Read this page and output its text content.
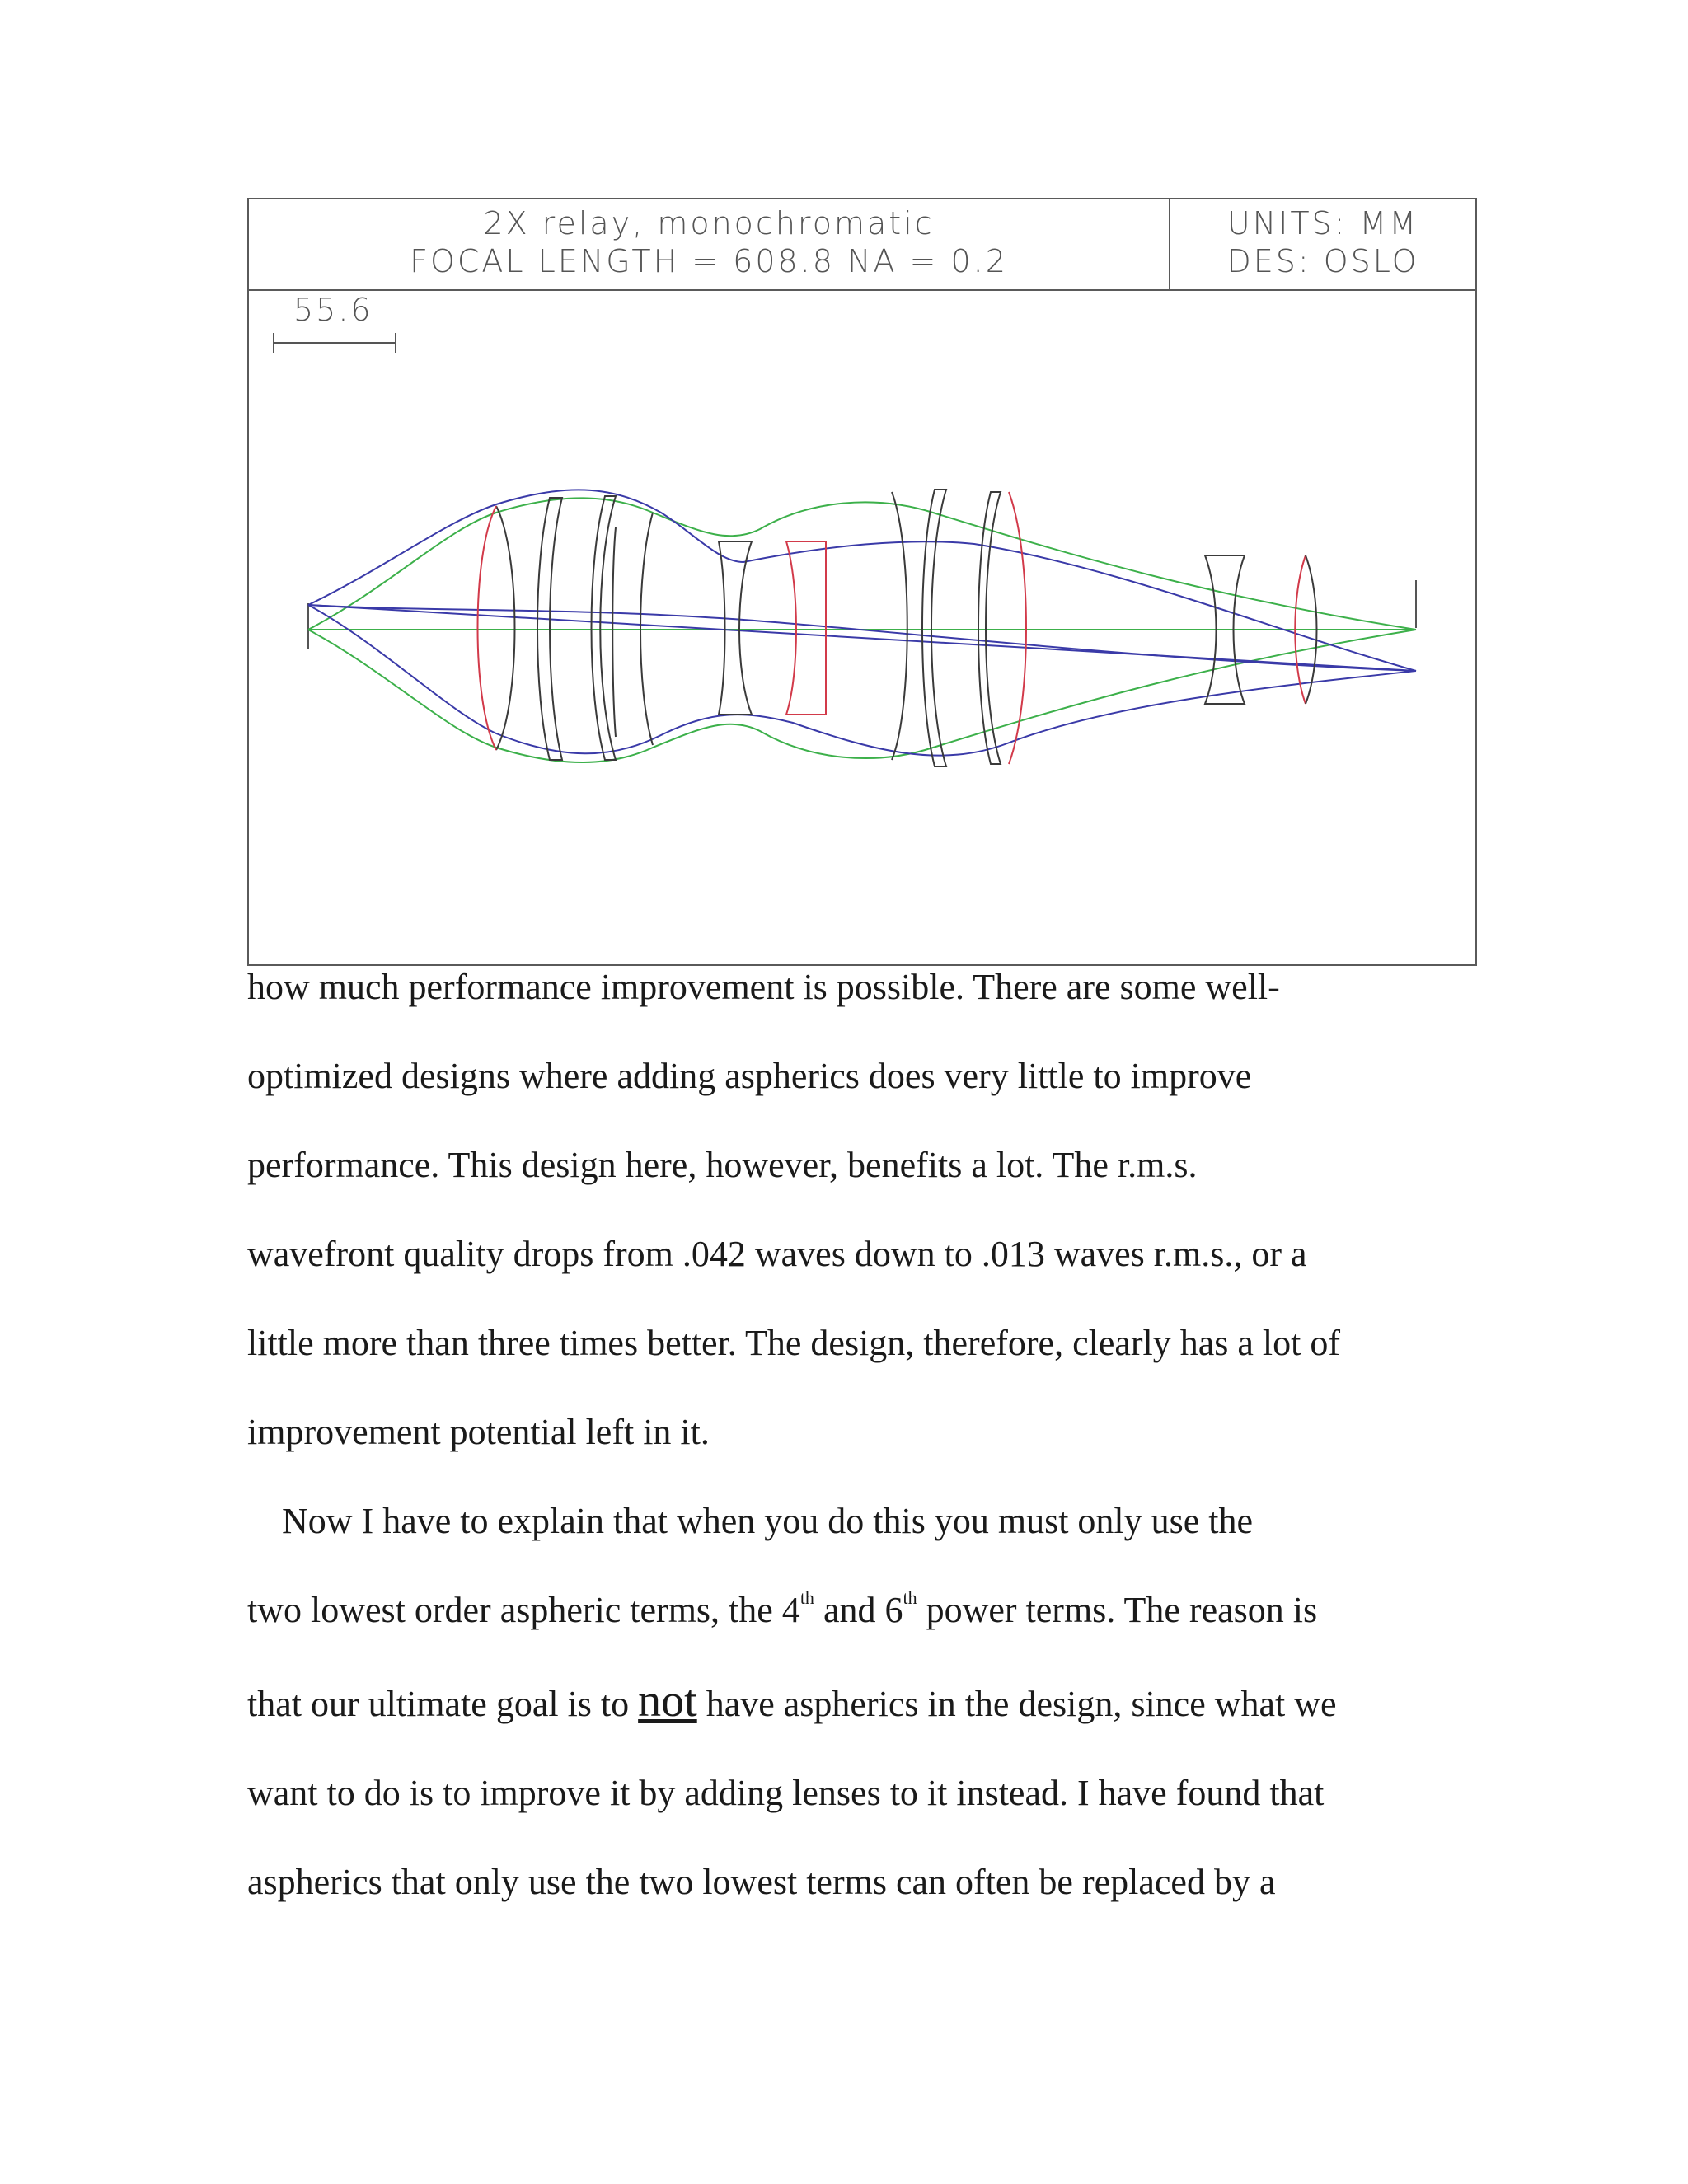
2X relay, monochromatic
FOCAL LENGTH = 608.8 NA = 0.2
UNITS: MM
DES: OSLO
55.6
how much performance improvement is possible. There are some well-
optimized designs where adding aspherics does very little to improve
performance. This design here, however, benefits a lot. The r.m.s.
wavefront quality drops from .042 waves down to .013 waves r.m.s., or a
little more than three times better. The design, therefore, clearly has a lot of
improvement potential left in it.
Now I have to explain that when you do this you must only use the
two lowest order aspheric terms, the 4th and 6th power terms. The reason is
that our ultimate goal is to not have aspherics in the design, since what we
want to do is to improve it by adding lenses to it instead. I have found that
aspherics that only use the two lowest terms can often be replaced by a
